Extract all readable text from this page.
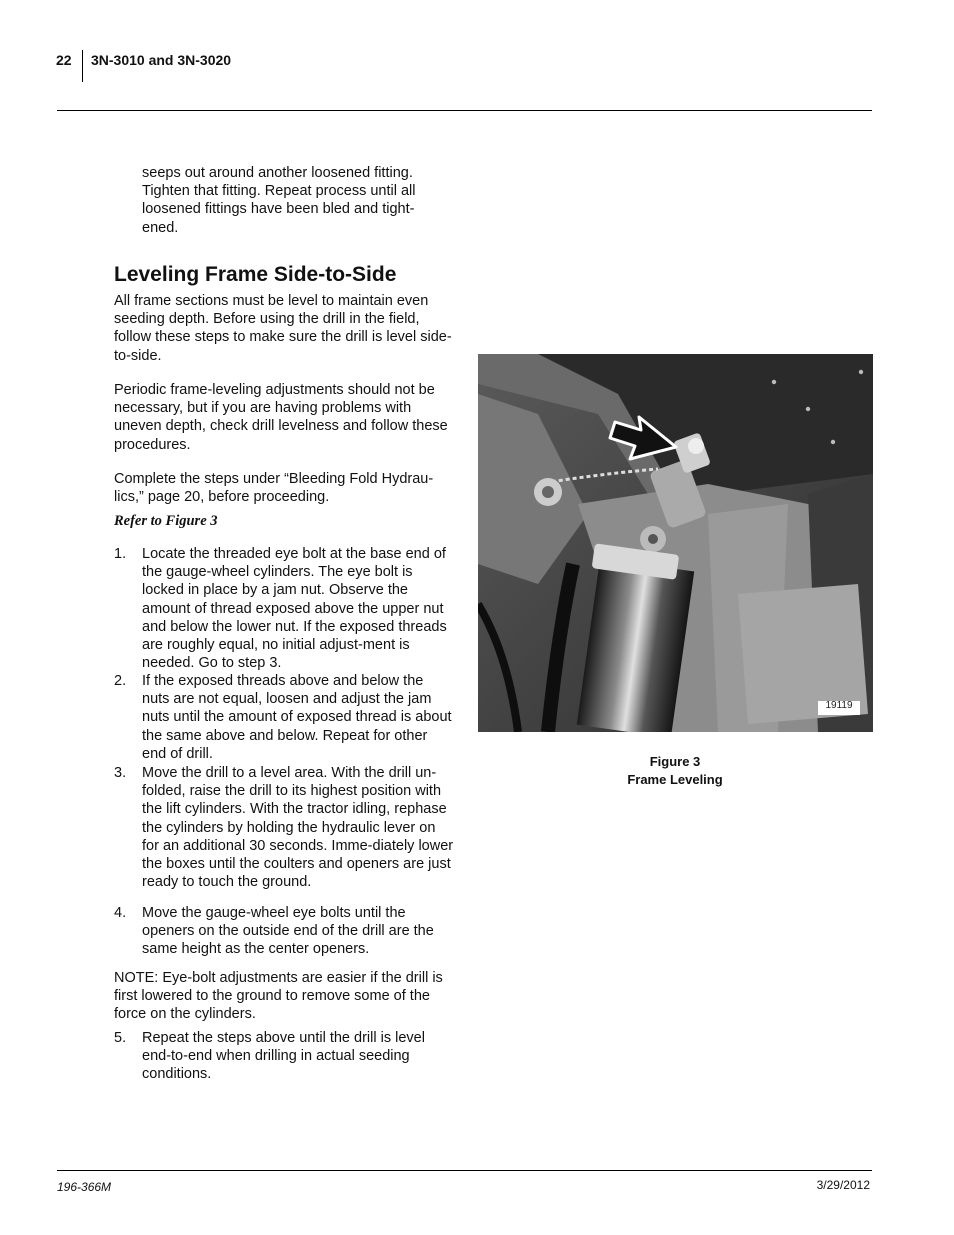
22 3N-3010 and 3N-3020
seeps out around another loosened fitting. Tighten that fitting. Repeat process until all loosened fittings have been bled and tight-ened.
Leveling Frame Side-to-Side
All frame sections must be level to maintain even seeding depth. Before using the drill in the field, follow these steps to make sure the drill is level side-to-side.
Periodic frame-leveling adjustments should not be necessary, but if you are having problems with uneven depth, check drill levelness and follow these procedures.
Complete the steps under “Bleeding Fold Hydrau-lics,” page 20, before proceeding.
Refer to Figure 3
1. Locate the threaded eye bolt at the base end of the gauge-wheel cylinders. The eye bolt is locked in place by a jam nut. Observe the amount of thread exposed above the upper nut and below the lower nut. If the exposed threads are roughly equal, no initial adjust-ment is needed. Go to step 3.
2. If the exposed threads above and below the nuts are not equal, loosen and adjust the jam nuts until the amount of exposed thread is about the same above and below. Repeat for other end of drill.
3. Move the drill to a level area. With the drill un-folded, raise the drill to its highest position with the lift cylinders. With the tractor idling, rephase the cylinders by holding the hydraulic lever on for an additional 30 seconds. Imme-diately lower the boxes until the coulters and openers are just ready to touch the ground.
4. Move the gauge-wheel eye bolts until the openers on the outside end of the drill are the same height as the center openers.
5. Repeat the steps above until the drill is level end-to-end when drilling in actual seeding conditions.
NOTE: Eye-bolt adjustments are easier if the drill is first lowered to the ground to remove some of the force on the cylinders.
19119
Figure 3
Frame Leveling
196-366M	3/29/2012
